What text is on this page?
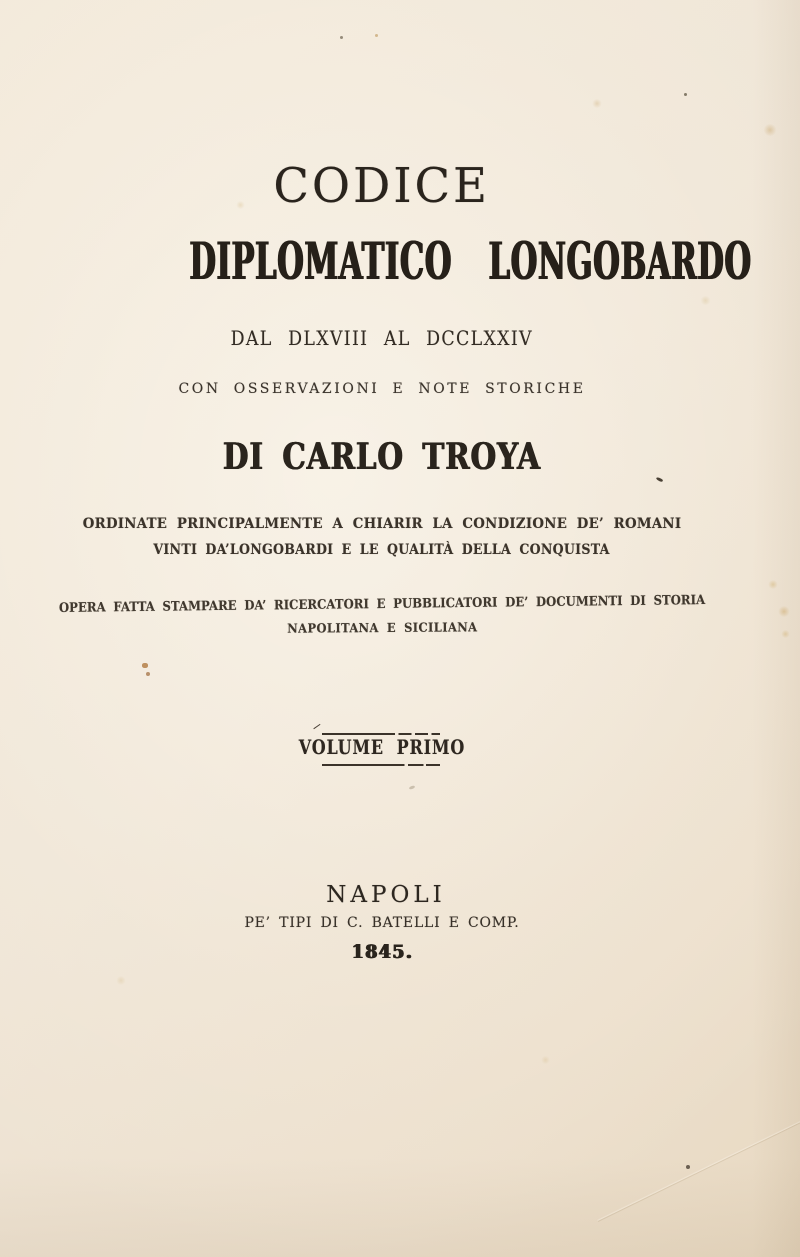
CODICE
DIPLOMATICO LONGOBARDO
DAL DLXVIII AL DCCLXXIV
CON OSSERVAZIONI E NOTE STORICHE
DI CARLO TROYA
ORDINATE PRINCIPALMENTE A CHIARIR LA CONDIZIONE DE’ ROMANI
VINTI DA’LONGOBARDI E LE QUALITÀ DELLA CONQUISTA
OPERA FATTA STAMPARE DA’ RICERCATORI E PUBBLICATORI DE’ DOCUMENTI DI STORIA
NAPOLITANA E SICILIANA
VOLUME PRIMO
NAPOLI
PE’ TIPI DI C. BATELLI E COMP.
1845.
